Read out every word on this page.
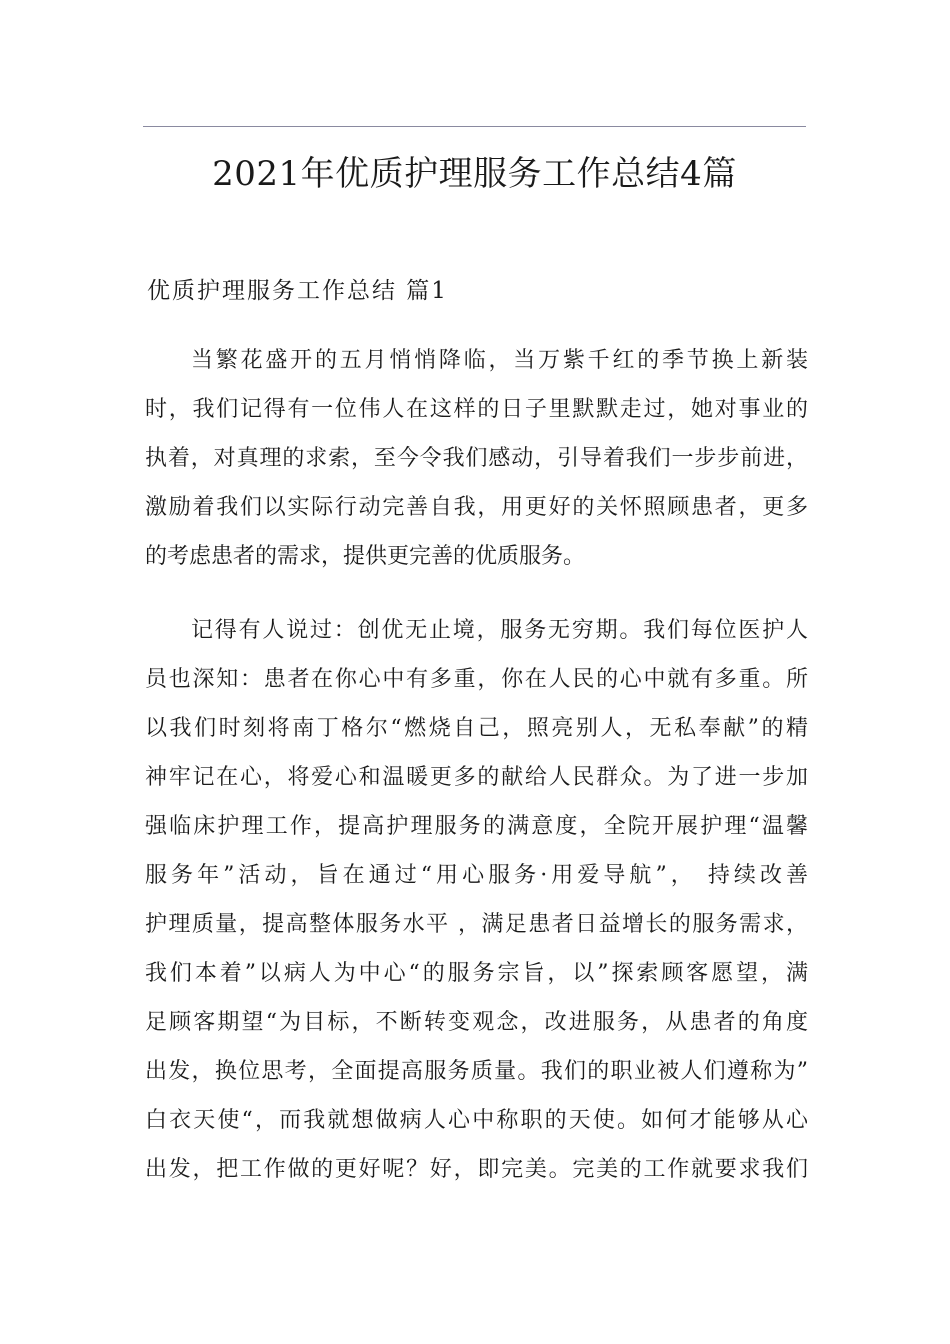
2021年优质护理服务工作总结4篇
优质护理服务工作总结 篇1
当繁花盛开的五月悄悄降临，当万紫千红的季节换上新装
时，我们记得有一位伟人在这样的日子里默默走过，她对事业的
执着，对真理的求索，至今令我们感动，引导着我们一步步前进，
激励着我们以实际行动完善自我，用更好的关怀照顾患者，更多
的考虑患者的需求，提供更完善的优质服务。
记得有人说过：创优无止境，服务无穷期。我们每位医护人
员也深知：患者在你心中有多重，你在人民的心中就有多重。所
以我们时刻将南丁格尔“燃烧自己，照亮别人，无私奉献”的精
神牢记在心，将爱心和温暖更多的献给人民群众。为了进一步加
强临床护理工作，提高护理服务的满意度，全院开展护理“温馨
服务年”活动，旨在通过“用心服务·用爱导航”， 持续改善
护理质量，提高整体服务水平 ，满足患者日益增长的服务需求，
我们本着”以病人为中心“的服务宗旨，以”探索顾客愿望，满
足顾客期望“为目标，不断转变观念，改进服务，从患者的角度
出发，换位思考，全面提高服务质量。我们的职业被人们遵称为”
白衣天使“，而我就想做病人心中称职的天使。如何才能够从心
出发，把工作做的更好呢？好，即完美。完美的工作就要求我们
